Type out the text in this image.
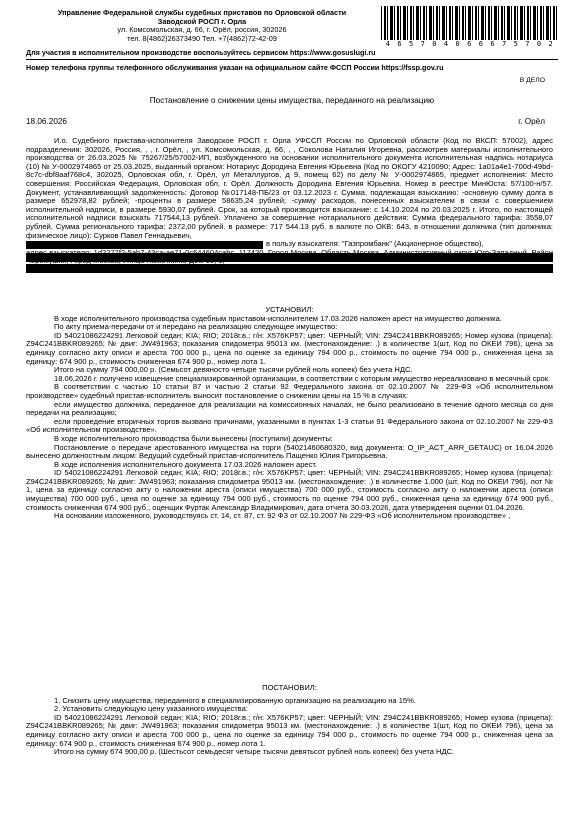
Управление Федеральной службы судебных приставов по Орловской области
Заводской РОСП г. Орла
ул. Комсомольская, д. 66, г. Орёл, россия, 302026
тел. 8(4862)26373490 Тел. +7(4862)72-42-09
4 6 5 7 0 4 0 6 6 6 7 5 7 0 2
Для участия в исполнительном производстве воспользуйтесь сервисом https://www.gosuslugi.ru
Номер телефона группы телефонного обслуживания указан на официальном сайте ФССП России https://fssp.gov.ru
В ДЕЛО
Постановление о снижении цены имущества, переданного на реализацию
18.06.2026	г. Орёл

И.о. Судебного пристава-исполнителя Заводское РОСП г. Орла УФССП России по Орловской области (Код по ВКСП: 57002), адрес подразделения: 302026, Россия, , , г. Орёл, , ул. Комсомольская, д. 66, , , Соколова Наталия Игоревна, рассмотрев материалы исполнительного производства от 26.03.2025 № 75267/25/57002-ИП, возбужденного на основании исполнительного документа исполнительная надпись нотариуса (10) № У-0002974865 от 25.03.2025, выданный органом: Нотариус Дородина Евгения Юрьевна (Код по ОКОГУ 4210090; Адрес: 1a01a4e1-700d-49bd-8c7c-dbf8aaf768c4, 302025, Орловская обл, г. Орёл, ул Металлургов, д 9, помещ 62) по делу № У-0002974865, предмет исполнения: Место совершения: Российская Федерация, Орловская обл, г. Орёл. Должность Дородина Евгения Юрьевна. Номер в реестре МинЮста: 57/100-н/57. Документ, устанавливающий задолженность: Договор №017148-ПБ/23 от 03.12.2023 г. Сумма, подлежащая взысканию: -основную сумму долга в размере 652978,82 рублей; -проценты в размере 58635,24 рублей; -сумму расходов, понесенных взыскателем в связи с совершением исполнительной надписи, в размере 5930,07 рублей. Срок, за который производится взыскание: с 14.10.2024 по 20.03.2025 г. Итого, по настоящей исполнительной надписи взыскать 717544,13 рублей. Уплачено за совершение нотариального действия: Сумма федерального тарифа: 3558,07 рублей. Сумма регионального тарифа: 2372,00 рублей. в размере: 717 544.13 руб. в валюте по ОКВ: 643, в отношении должника (тип должника: физическое лицо): Сурков Павел Геннадьевич,

в пользу взыскателя: "Газпромбанк" (Акционерное общество),

УСТАНОВИЛ:

В ходе исполнительного производства судебным приставом-исполнителем 17.03.2026 наложен арест на имущество должника.

По акту приема-передачи от и передано на реализацию следующее имущество:

ID 54021086224291 Легковой седан; KIA; RIO; 2018г.в.; г/н: X576KP57; цвет: ЧЕРНЫЙ; VIN: Z94C241BBKR089265; Номер кузова (прицепа): Z94C241BBKR089265; № двиг: JW491963; показания спидометра 95013 км. (местонахождение: .) в количестве 1(шт, Код по ОКЕИ 796), цена за единицу согласно акту описи и ареста 700 000 р., цена по оценке за единицу 794 000 р., стоимость по оценке 794 000 р., сниженная цена за единицу: 674 900 р., стоимость сниженная 674 900 р., номер лота 1.

Итого на сумму 794 000,00 р. (Семьсот девяносто четыре тысячи рублей ноль копеек) без учета НДС.

18.06.2026 г. получено извещение специализированной организации, в соответствии с которым имущество нереализовано в месячный срок.

В соответствии с частью 10 статьи 87 и частью 2 статьи 92 Федерального закона от 02.10.2007 № 229-ФЗ «Об исполнительном производстве» судебный пристав-исполнитель выносит постановление о снижении цены на 15 % в случаях:

если имущество должника, переданное для реализации на комиссионных началах, не было реализовано в течение одного месяца со дня передачи на реализацию;

если проведение вторичных торгов вызвано причинами, указанными в пунктах 1-3 статьи 91 Федерального закона от 02.10.2007 № 229-ФЗ «Об исполнительном производстве».

В ходе исполнительного производства были вынесены (поступили) документы:

Постановление о передаче арестованного имущества на торги (54021460680320, вид документа: O_IP_ACT_ARR_GETAUC) от 16.04.2026 вынесено должностным лицом: Ведущий судебный пристав-исполнитель Пащенко Юлия Григорьевна.

В ходе исполнения исполнительного документа 17.03.2026 наложен арест.

ID 54021086224291 Легковой седан; KIA; RIO; 2018г.в.; г/н: X576KP57; цвет: ЧЕРНЫЙ; VIN: Z94C241BBKR089265; Номер кузова (прицепа): Z94C241BBKR089265; № двиг: JW491963; показания спидометра 95013 км. (местонахождение: .) в количестве 1.000 (шт, Код по ОКЕИ 796), лот № 1, цена за единицу согласно акту о наложении ареста (описи имущества) 700 000 руб., стоимость согласно акту о наложении ареста (описи имущества) 700 000 руб., цена по оценке за единицу 794 000 руб., стоимость по оценке 794 000 руб., сниженная цена за единицу 674 900 руб., стоимость сниженная 674 900 руб., оценщик Фуртак Александр Владимирович, дата отчета 30.03.2026, дата утверждения оценки 01.04.2026.

На основании изложенного, руководствуясь ст. 14, ст. 87, ст. 92 ФЗ от 02.10.2007 № 229-ФЗ «Об исполнительном производстве» ,

ПОСТАНОВИЛ:

1. Снизить цену имущества, переданного в специализированную организацию на реализацию на 15%.

2. Установить следующую цену указанного имущества:

ID 54021086224291 Легковой седан; KIA; RIO; 2018г.в.; г/н: X576KP57; цвет: ЧЕРНЫЙ; VIN: Z94C241BBKR089265; Номер кузова (прицепа): Z94C241BBKR089265; № двиг: JW491963; показания спидометра 95013 км. (местонахождение: .) в количестве 1(шт, Код по ОКЕИ 796), цена за единицу согласно акту описи и ареста 700 000 р., цена по оценке за единицу 794 000 р., стоимость по оценке 794 000 р., сниженная цена за единицу: 674 900 р., стоимость сниженная 674 900 р., номер лота 1.

Итого на сумму 674 900,00 р. (Шестьсот семьдесят четыре тысячи девятьсот рублей ноль копеек) без учета НДС.
